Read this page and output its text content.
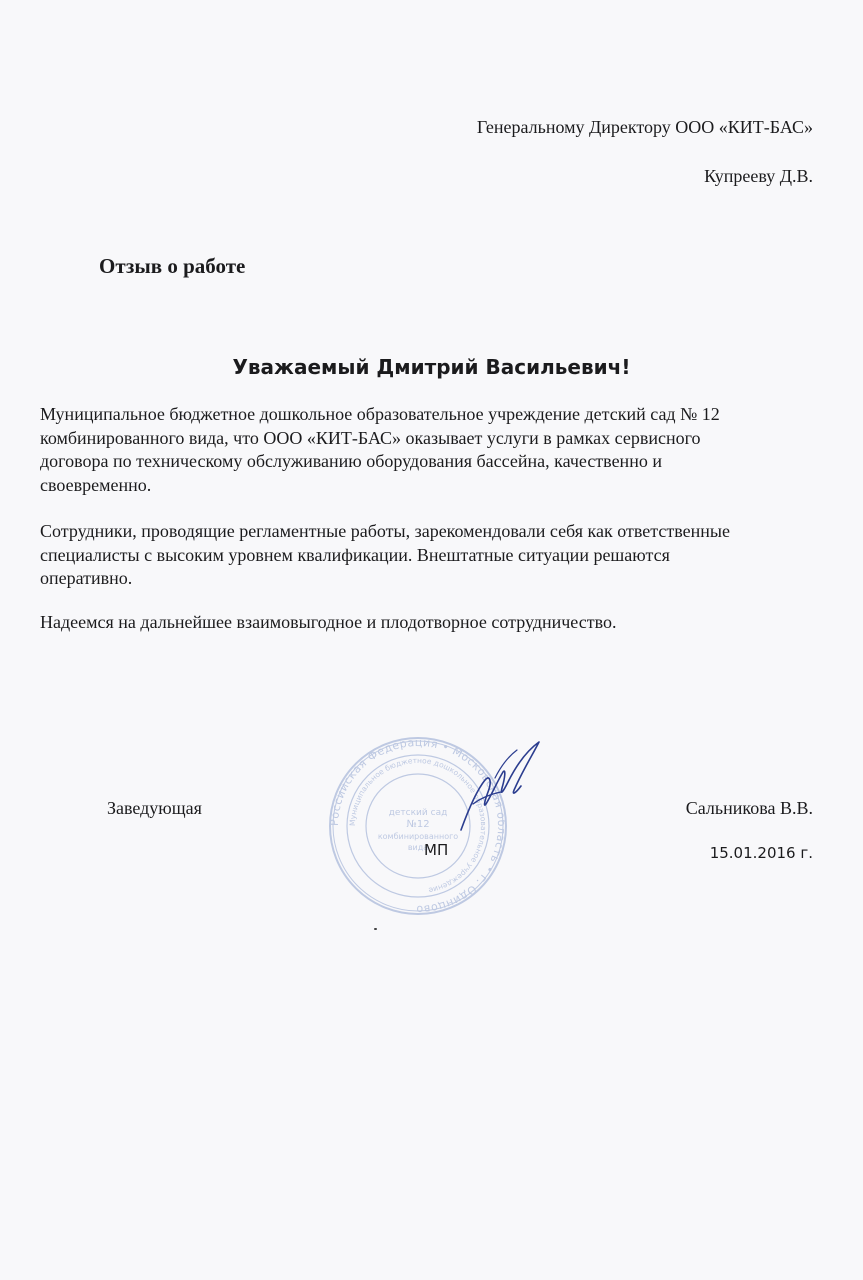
Генеральному Директору ООО «КИТ-БАС»
Купрееву Д.В.
Отзыв о работе
Уважаемый Дмитрий Васильевич!
Муниципальное бюджетное дошкольное образовательное учреждение детский сад № 12
комбинированного вида, что ООО «КИТ-БАС» оказывает услуги в рамках сервисного
договора по техническому обслуживанию оборудования бассейна, качественно и
своевременно.
Сотрудники, проводящие регламентные работы, зарекомендовали себя как ответственные
специалисты с высоким уровнем квалификации. Внештатные ситуации решаются
оперативно.
Надеемся на дальнейшее взаимовыгодное и плодотворное сотрудничество.
Российская Федерация • Московская область • г. Одинцово
Муниципальное бюджетное дошкольное образовательное учреждение
детский сад
№12
комбинированного
вида
Заведующая
МП
Сальникова В.В.
15.01.2016 г.
